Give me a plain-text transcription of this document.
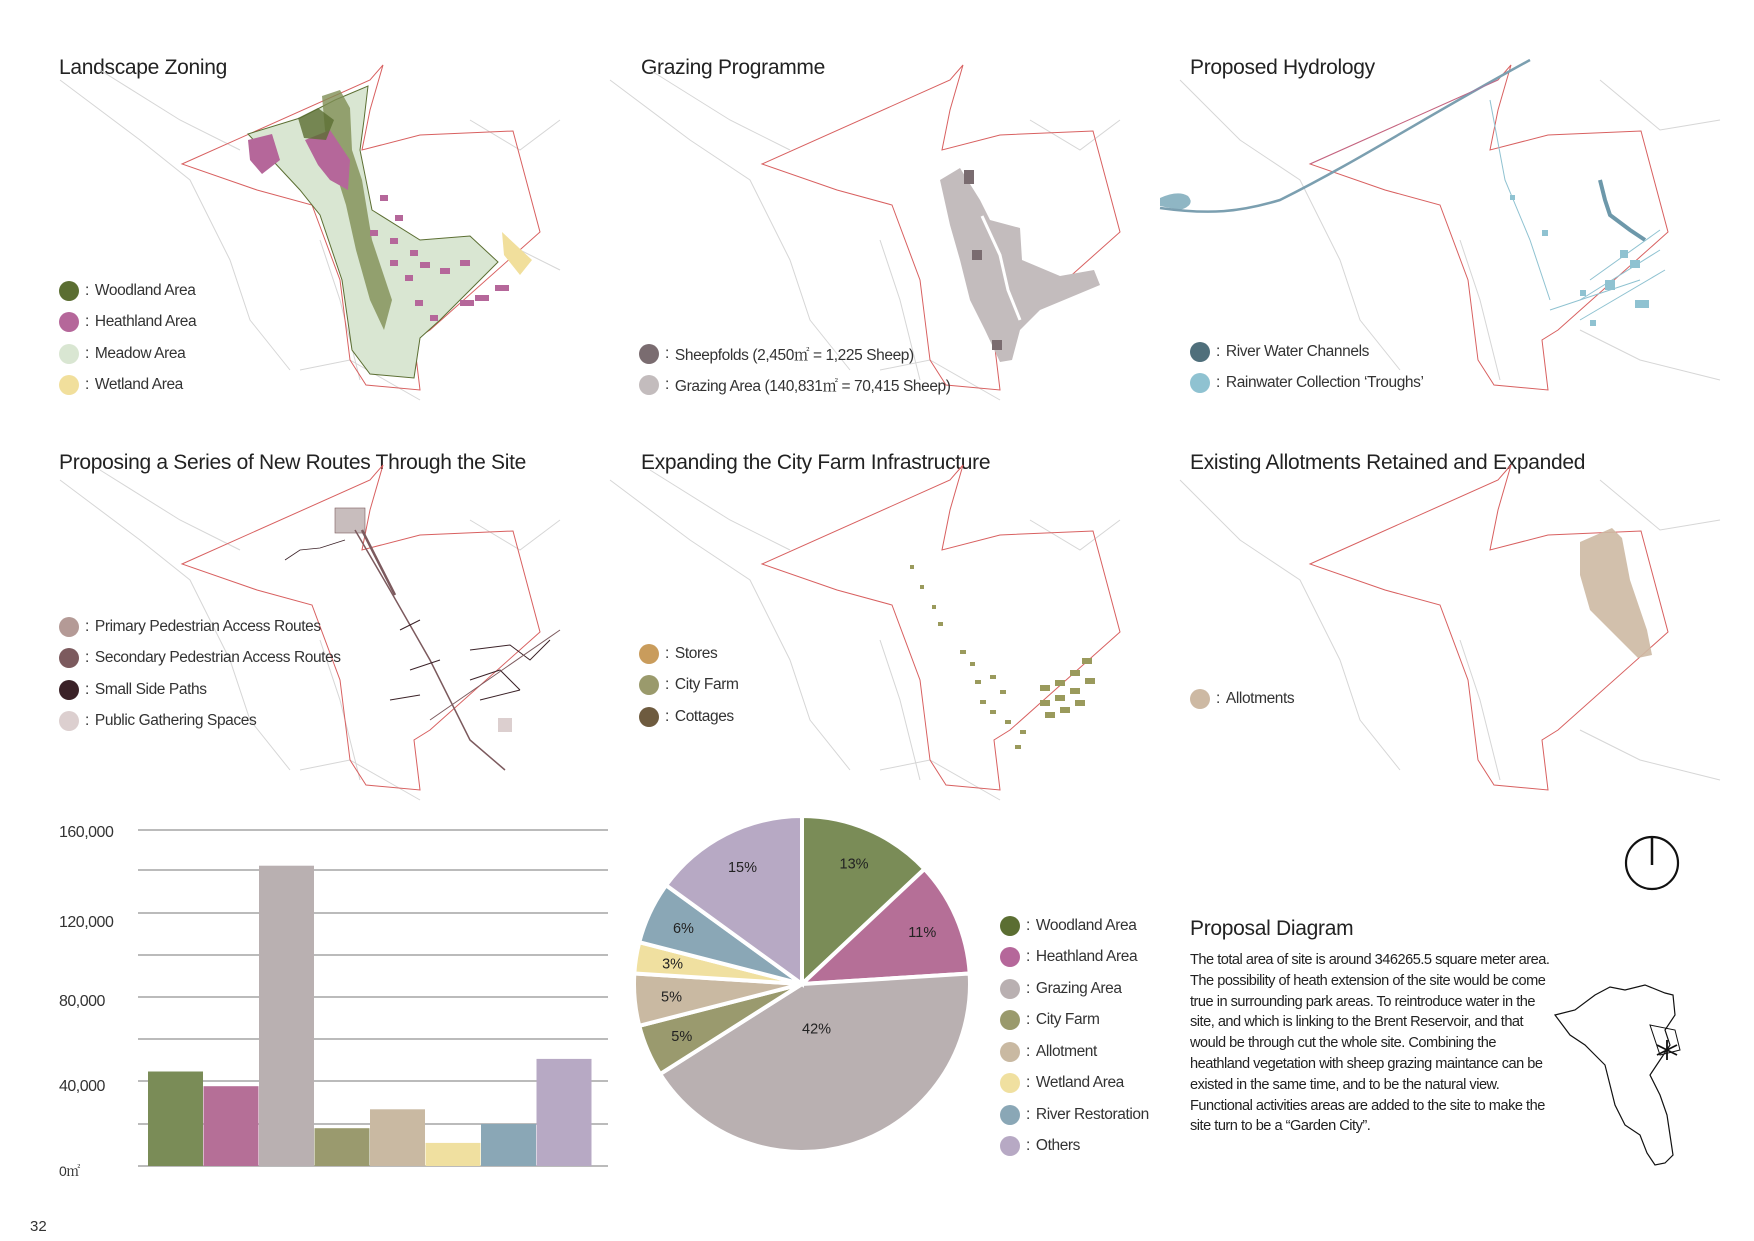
Landscape Zoning
: Woodland Area
: Heathland Area
: Meadow Area
: Wetland Area
Grazing Programme
: Sheepfolds (2,450㎡ = 1,225 Sheep)
: Grazing Area (140,831㎡ = 70,415 Sheep)
Proposed Hydrology
: River Water Channels
: Rainwater Collection ‘Troughs’
Proposing a Series of New Routes Through the Site
: Primary Pedestrian Access Routes
: Secondary Pedestrian Access Routes
: Small Side Paths
: Public Gathering Spaces
Expanding the City Farm Infrastructure
: Stores
: City Farm
: Cottages
Existing Allotments Retained and Expanded
: Allotments
160,000
120,000
80,000
40,000
0㎡
13%
11%
42%
5%
5%
3%
6%
15%
: Woodland Area
: Heathland Area
: Grazing Area
: City Farm
: Allotment
: Wetland Area
: River Restoration
: Others
Proposal Diagram
The total area of site is around 346265.5 square meter area. The possibility of heath extension of the site would be come true in surrounding park areas. To reintroduce water in the site, and which is linking to the Brent Reservoir, and that would be through cut the whole site. Combining the heathland vegetation with sheep grazing maintance can be existed in the same time, and to be the natural view. Functional activities areas are added to the site to make the site turn to be a “Garden City”.
32
